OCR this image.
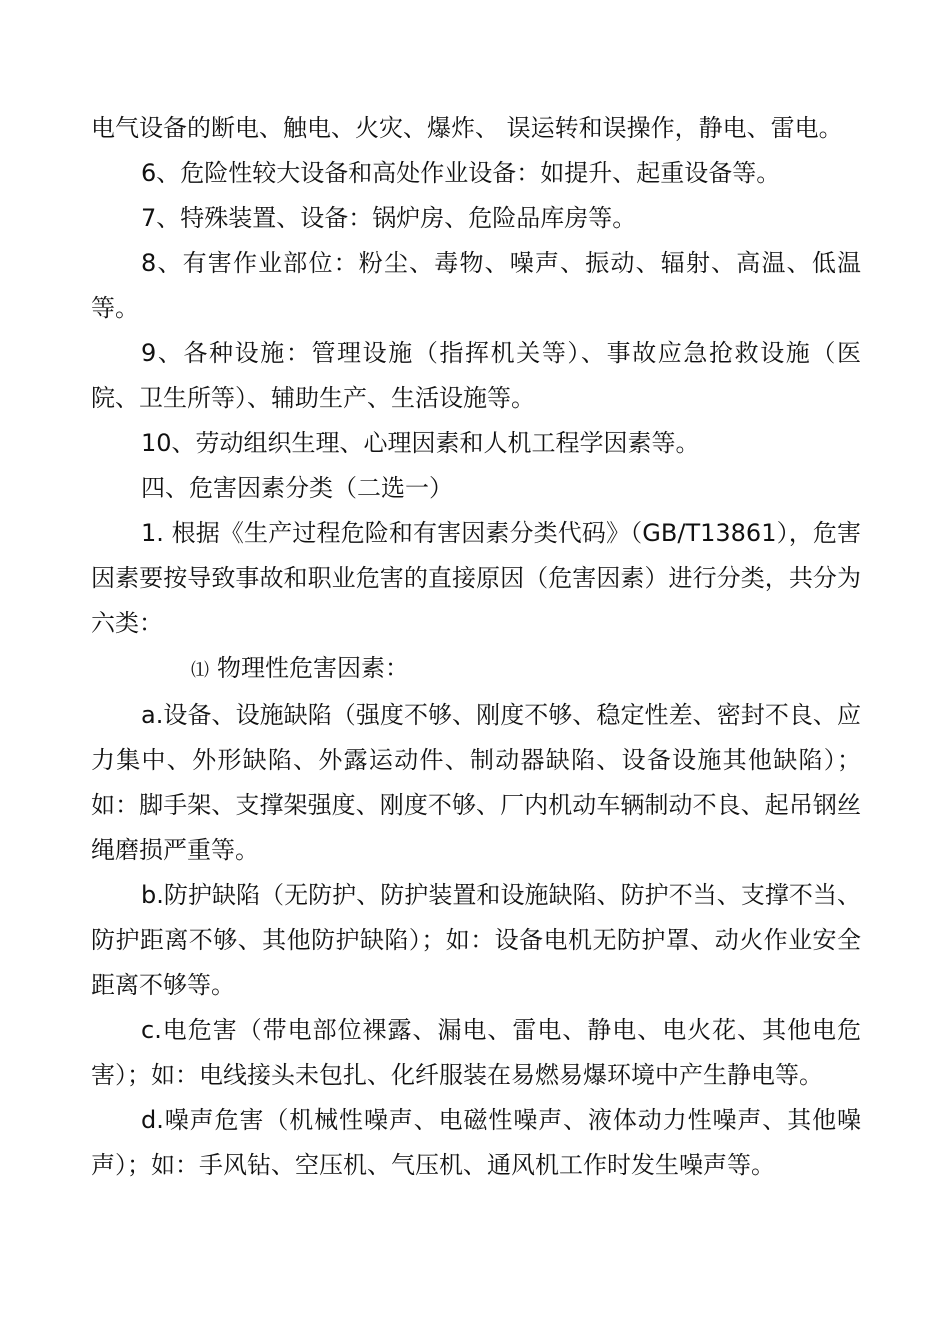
电气设备的断电、触电、火灾、爆炸、 误运转和误操作，静电、雷电。

6、危险性较大设备和高处作业设备：如提升、起重设备等。

7、特殊装置、设备：锅炉房、危险品库房等。

8、有害作业部位：粉尘、毒物、噪声、振动、辐射、高温、低温等。

9、各种设施：管理设施（指挥机关等）、事故应急抢救设施（医院、卫生所等）、辅助生产、生活设施等。

10、劳动组织生理、心理因素和人机工程学因素等。

四、危害因素分类（二选一）

1. 根据《生产过程危险和有害因素分类代码》（GB/T13861），危害因素要按导致事故和职业危害的直接原因（危害因素）进行分类，共分为六类：

⑴ 物理性危害因素：

a.设备、设施缺陷（强度不够、刚度不够、稳定性差、密封不良、应力集中、外形缺陷、外露运动件、制动器缺陷、设备设施其他缺陷）；如：脚手架、支撑架强度、刚度不够、厂内机动车辆制动不良、起吊钢丝绳磨损严重等。

b.防护缺陷（无防护、防护装置和设施缺陷、防护不当、支撑不当、防护距离不够、其他防护缺陷）；如：设备电机无防护罩、动火作业安全距离不够等。

c.电危害（带电部位裸露、漏电、雷电、静电、电火花、其他电危害）；如：电线接头未包扎、化纤服装在易燃易爆环境中产生静电等。

d.噪声危害（机械性噪声、电磁性噪声、液体动力性噪声、其他噪声）；如：手风钻、空压机、气压机、通风机工作时发生噪声等。
